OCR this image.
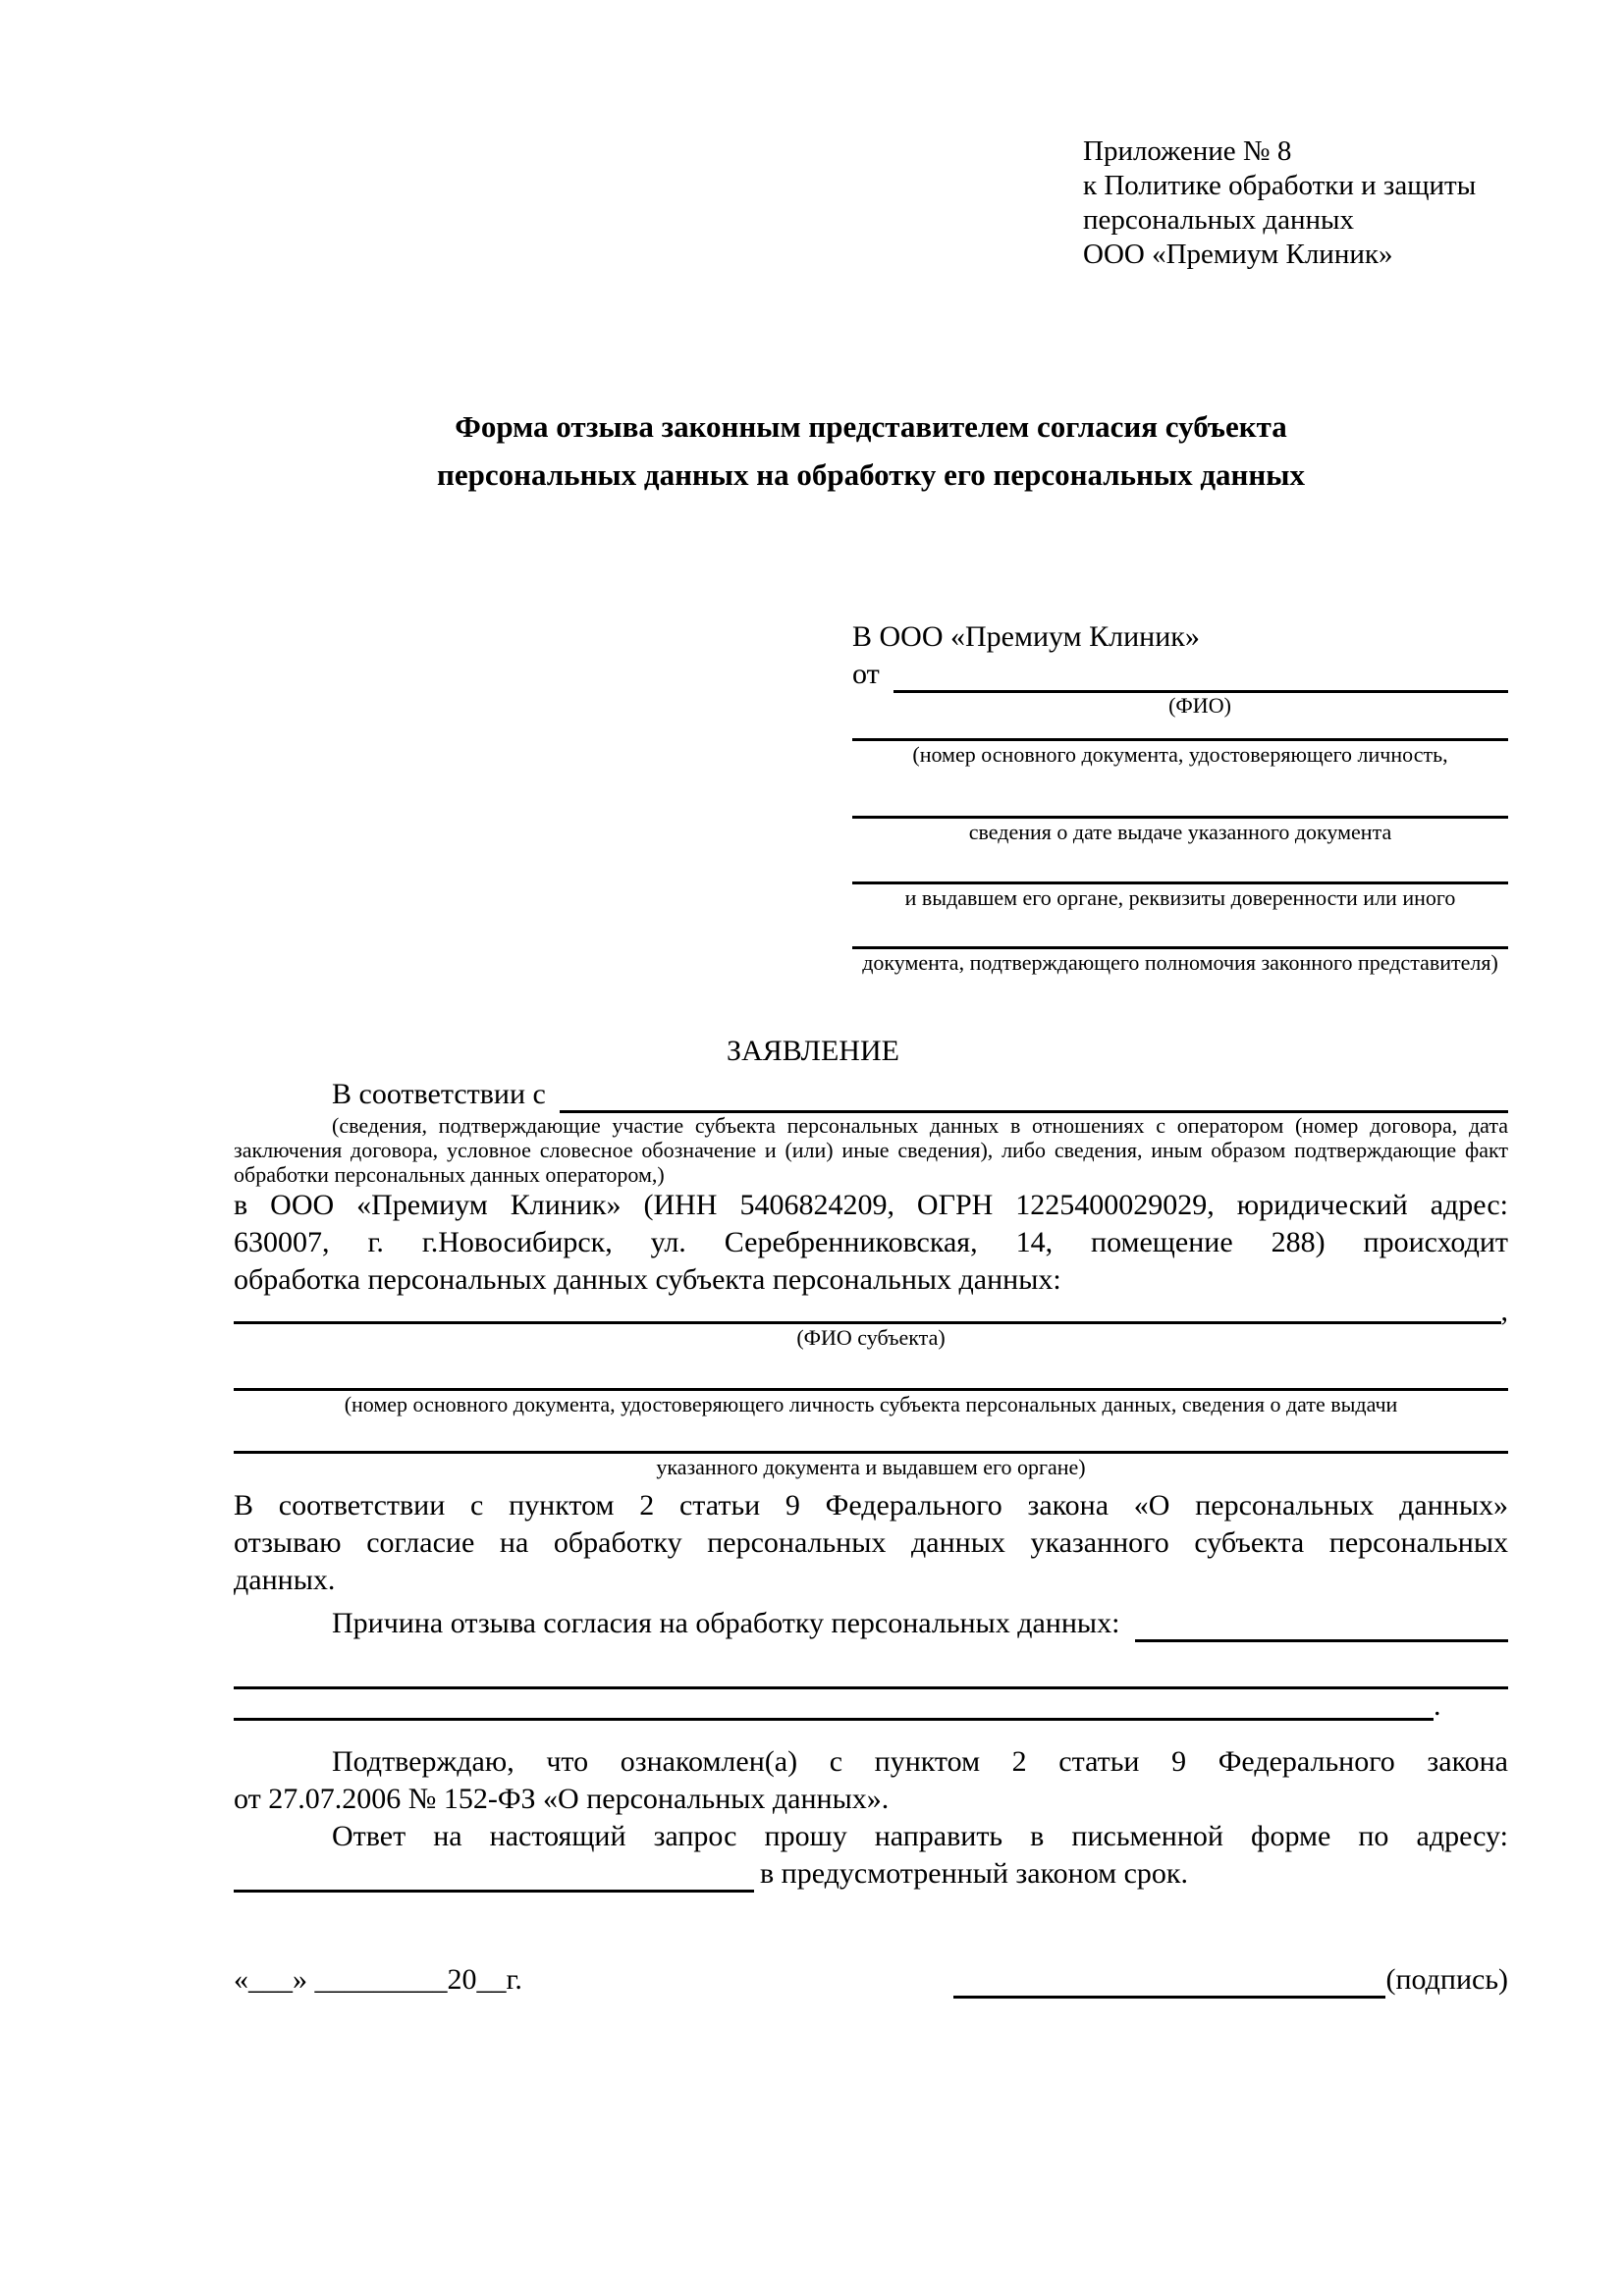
Приложение № 8
к Политике обработки и защиты
персональных данных
ООО «Премиум Клиник»
Форма отзыва законным представителем согласия субъекта
персональных данных на обработку его персональных данных
В ООО «Премиум Клиник»
от
(ФИО)
(номер основного документа, удостоверяющего личность,
сведения о дате выдаче указанного документа
и выдавшем его органе, реквизиты доверенности или иного
документа, подтверждающего полномочия законного представителя)
ЗАЯВЛЕНИЕ
В соответствии с
(сведения, подтверждающие участие субъекта персональных данных в отношениях с оператором (номер договора, дата
заключения договора, условное словесное обозначение и (или) иные сведения), либо сведения, иным образом подтверждающие факт
обработки персональных данных оператором,)
в ООО «Премиум Клиник» (ИНН 5406824209, ОГРН 1225400029029, юридический адрес:
630007, г. г.Новосибирск, ул. Серебренниковская, 14, помещение 288) происходит
обработка персональных данных субъекта персональных данных:
,
(ФИО субъекта)
(номер основного документа, удостоверяющего личность субъекта персональных данных, сведения о дате выдачи
указанного документа и выдавшем его органе)
В соответствии с пунктом 2 статьи 9 Федерального закона «О персональных данных»
отзываю согласие на обработку персональных данных указанного субъекта персональных
данных.
Причина отзыва согласия на обработку персональных данных:
.
Подтверждаю, что ознакомлен(а) с пунктом 2 статьи 9 Федерального закона
от 27.07.2006 № 152-ФЗ «О персональных данных».
Ответ на настоящий запрос прошу направить в письменной форме по адресу:
в предусмотренный законом срок.
«___» _________20__г.	(подпись)
